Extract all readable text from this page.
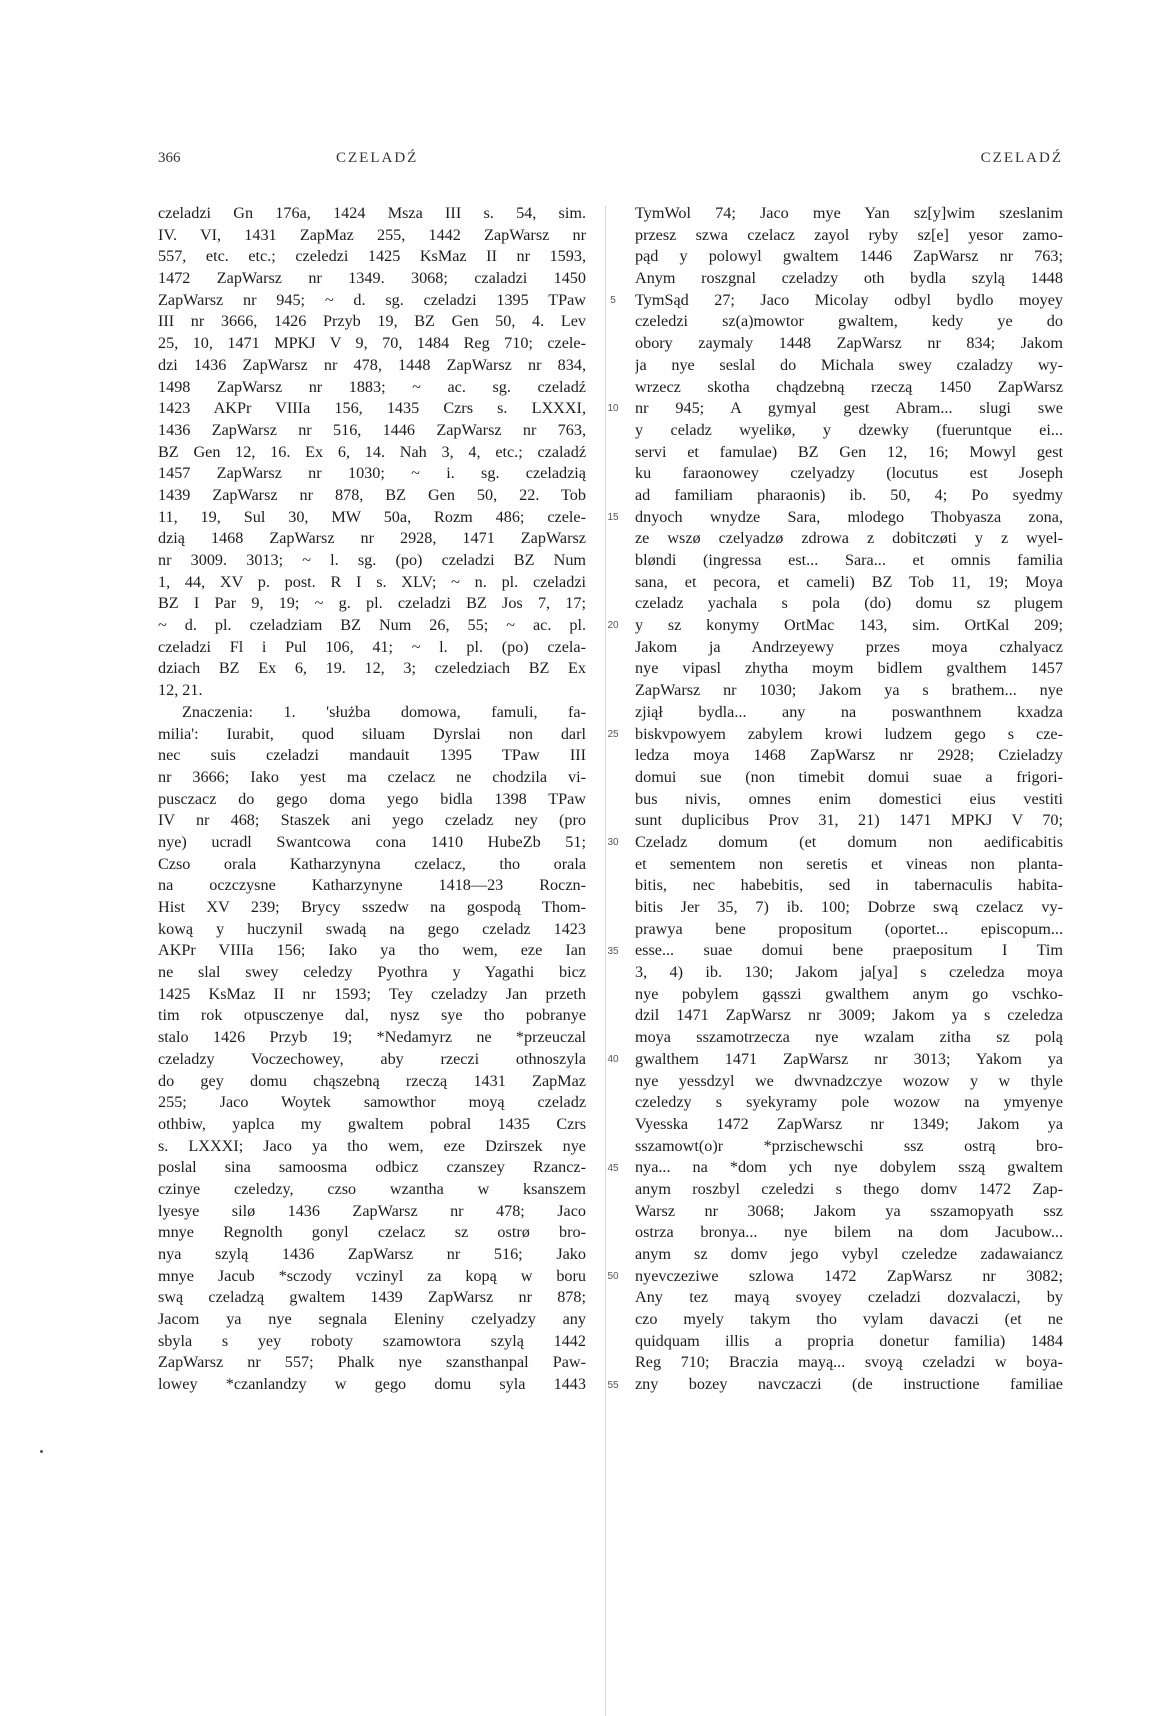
366	CZELADŹ	CZELADŹ
5
10
15
20
25
30
35
40
45
50
55
czeladzi Gn 176a, 1424 Msza III s. 54, sim.
IV. VI, 1431 ZapMaz 255, 1442 ZapWarsz nr
557, etc. etc.; czeledzi 1425 KsMaz II nr 1593,
1472 ZapWarsz nr 1349. 3068; czaladzi 1450
ZapWarsz nr 945; ~ d. sg. czeladzi 1395 TPaw
III nr 3666, 1426 Przyb 19, BZ Gen 50, 4. Lev
25, 10, 1471 MPKJ V 9, 70, 1484 Reg 710; czele-
dzi 1436 ZapWarsz nr 478, 1448 ZapWarsz nr 834,
1498 ZapWarsz nr 1883; ~ ac. sg. czeladź
1423 AKPr VIIIa 156, 1435 Czrs s. LXXXI,
1436 ZapWarsz nr 516, 1446 ZapWarsz nr 763,
BZ Gen 12, 16. Ex 6, 14. Nah 3, 4, etc.; czaladź
1457 ZapWarsz nr 1030; ~ i. sg. czeladzią
1439 ZapWarsz nr 878, BZ Gen 50, 22. Tob
11, 19, Sul 30, MW 50a, Rozm 486; czele-
dzią 1468 ZapWarsz nr 2928, 1471 ZapWarsz
nr 3009. 3013; ~ l. sg. (po) czeladzi BZ Num
1, 44, XV p. post. R I s. XLV; ~ n. pl. czeladzi
BZ I Par 9, 19; ~ g. pl. czeladzi BZ Jos 7, 17;
~ d. pl. czeladziam BZ Num 26, 55; ~ ac. pl.
czeladzi Fl i Pul 106, 41; ~ l. pl. (po) czela-
dziach BZ Ex 6, 19. 12, 3; czeledziach BZ Ex
12, 21.
Znaczenia: 1. 'służba domowa, famuli, fa-
milia': Iurabit, quod siluam Dyrslai non darl
nec suis czeladzi mandauit 1395 TPaw III
nr 3666; Iako yest ma czelacz ne chodzila vi-
pusczacz do gego doma yego bidla 1398 TPaw
IV nr 468; Staszek ani yego czeladz ney (pro
nye) ucradl Swantcowa cona 1410 HubeZb 51;
Czso orala Katharzynyna czelacz, tho orala
na oczczysne Katharzynyne 1418—23 Roczn-
Hist XV 239; Brycy sszedw na gospodą Thom-
kową y huczynil swadą na gego czeladz 1423
AKPr VIIIa 156; Iako ya tho wem, eze Ian
ne slal swey celedzy Pyothra y Yagathi bicz
1425 KsMaz II nr 1593; Tey czeladzy Jan przeth
tim rok otpusczenye dal, nysz sye tho pobranye
stalo 1426 Przyb 19; *Nedamyrz ne *przeuczal
czeladzy Voczechowey, aby rzeczi othnoszyla
do gey domu chąszebną rzeczą 1431 ZapMaz
255; Jaco Woytek samowthor moyą czeladz
othbiw, yaplca my gwaltem pobral 1435 Czrs
s. LXXXI; Jaco ya tho wem, eze Dzirszek nye
poslal sina samoosma odbicz czanszey Rzancz-
czinye czeledzy, czso wzantha w ksanszem
lyesye silø 1436 ZapWarsz nr 478; Jaco
mnye Regnolth gonyl czelacz sz ostrø bro-
nya szylą 1436 ZapWarsz nr 516; Jako
mnye Jacub *sczody vczinyl za kopą w boru
swą czeladzą gwaltem 1439 ZapWarsz nr 878;
Jacom ya nye segnala Eleniny czelyadzy any
sbyla s yey roboty szamowtora szylą 1442
ZapWarsz nr 557; Phalk nye szansthanpal Paw-
lowey *czanlandzy w gego domu syla 1443
TymWol 74; Jaco mye Yan sz[y]wim szeslanim
przesz szwa czelacz zayol ryby sz[e] yesor zamo-
pąd y polowyl gwaltem 1446 ZapWarsz nr 763;
Anym roszgnal czeladzy oth bydla szylą 1448
TymSąd 27; Jaco Micolay odbyl bydlo moyey
czeledzi sz(a)mowtor gwaltem, kedy ye do
obory zaymaly 1448 ZapWarsz nr 834; Jakom
ja nye seslal do Michala swey czaladzy wy-
wrzecz skotha chądzebną rzeczą 1450 ZapWarsz
nr 945; A gymyal gest Abram... slugi swe
y celadz wyelikø, y dzewky (fueruntque ei...
servi et famulae) BZ Gen 12, 16; Mowyl gest
ku faraonowey czelyadzy (locutus est Joseph
ad familiam pharaonis) ib. 50, 4; Po syedmy
dnyoch wnydze Sara, mlodego Thobyasza zona,
ze wszø czelyadzø zdrowa z dobitczøti y z wyel-
bløndi (ingressa est... Sara... et omnis familia
sana, et pecora, et cameli) BZ Tob 11, 19; Moya
czeladz yachala s pola (do) domu sz plugem
y sz konymy OrtMac 143, sim. OrtKal 209;
Jakom ja Andrzeyewy przes moya czhalyacz
nye vipasl zhytha moym bidlem gvalthem 1457
ZapWarsz nr 1030; Jakom ya s brathem... nye
zjiął bydla... any na poswanthnem kxadza
biskvpowyem zabylem krowi ludzem gego s cze-
ledza moya 1468 ZapWarsz nr 2928; Czieladzy
domui sue (non timebit domui suae a frigori-
bus nivis, omnes enim domestici eius vestiti
sunt duplicibus Prov 31, 21) 1471 MPKJ V 70;
Czeladz domum (et domum non aedificabitis
et sementem non seretis et vineas non planta-
bitis, nec habebitis, sed in tabernaculis habita-
bitis Jer 35, 7) ib. 100; Dobrze swą czelacz vy-
prawya bene propositum (oportet... episcopum...
esse... suae domui bene praepositum I Tim
3, 4) ib. 130; Jakom ja[ya] s czeledza moya
nye pobylem gąsszi gwalthem anym go vschko-
dzil 1471 ZapWarsz nr 3009; Jakom ya s czeledza
moya sszamotrzecza nye wzalam zitha sz polą
gwalthem 1471 ZapWarsz nr 3013; Yakom ya
nye yessdzyl we dwvnadzczye wozow y w thyle
czeledzy s syekyramy pole wozow na ymyenye
Vyesska 1472 ZapWarsz nr 1349; Jakom ya
sszamowt(o)r *przischewschi ssz ostrą bro-
nya... na *dom ych nye dobylem sszą gwaltem
anym roszbyl czeledzi s thego domv 1472 Zap-
Warsz nr 3068; Jakom ya sszamopyath ssz
ostrza bronya... nye bilem na dom Jacubow...
anym sz domv jego vybyl czeledze zadawaiancz
nyevczeziwe szlowa 1472 ZapWarsz nr 3082;
Any tez mayą svoyey czeladzi dozvalaczi, by
czo myely takym tho vylam davaczi (et ne
quidquam illis a propria donetur familia) 1484
Reg 710; Braczia mayą... svoyą czeladzi w boya-
zny bozey navczaczi (de instructione familiae
